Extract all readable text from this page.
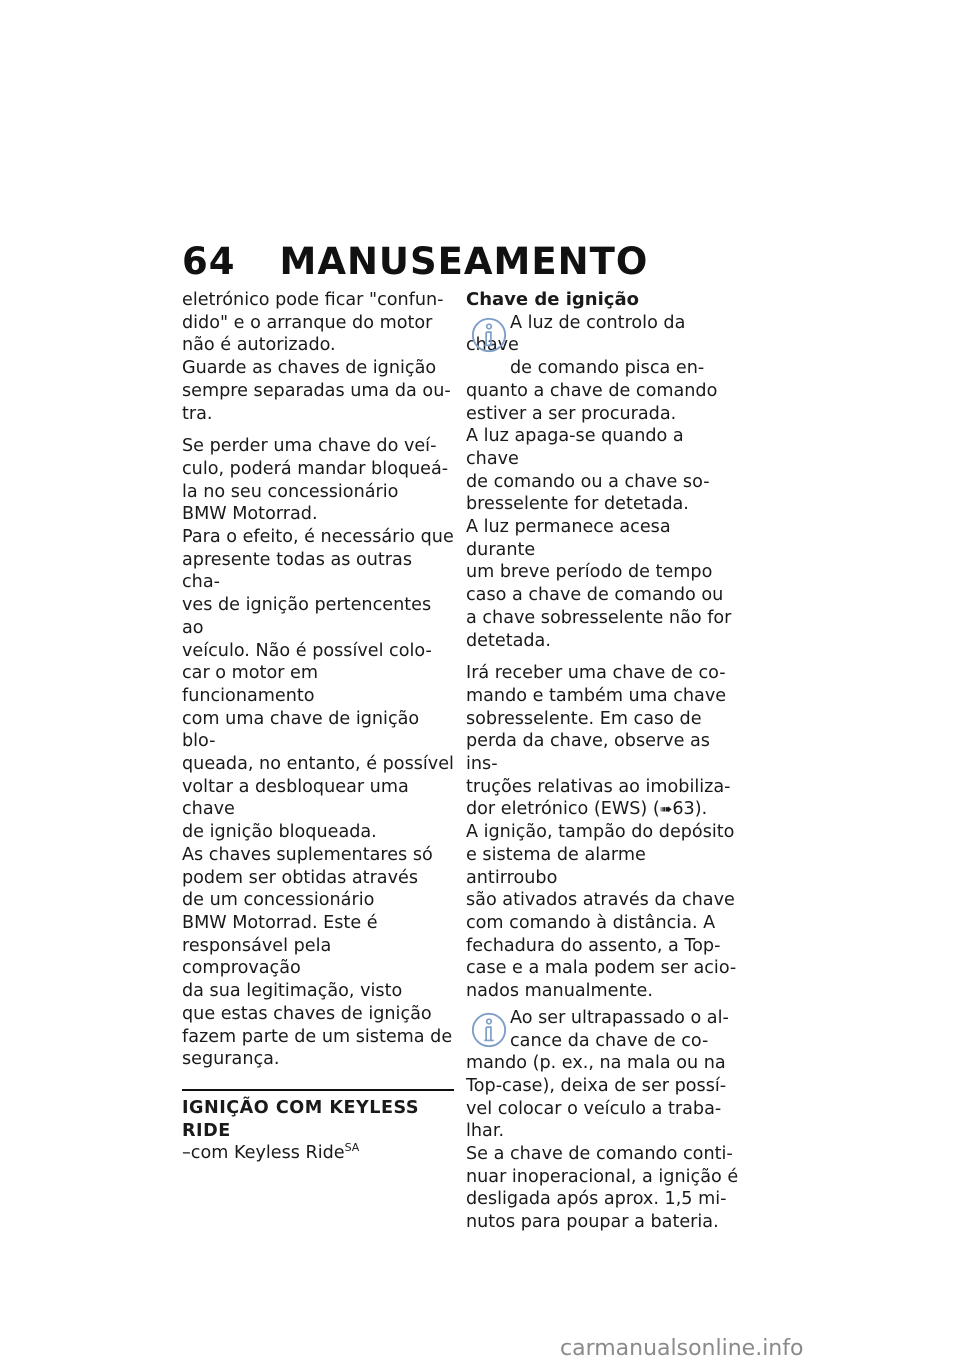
64 MANUSEAMENTO

eletrónico pode ficar "confun-
dido" e o arranque do motor
não é autorizado.

Guarde as chaves de ignição
sempre separadas uma da ou-
tra.

Se perder uma chave do veí-
culo, poderá mandar bloqueá-
la no seu concessionário
BMW Motorrad.

Para o efeito, é necessário que
apresente todas as outras cha-
ves de ignição pertencentes ao
veículo. Não é possível colo-
car o motor em funcionamento
com uma chave de ignição blo-
queada, no entanto, é possível
voltar a desbloquear uma chave
de ignição bloqueada.

As chaves suplementares só
podem ser obtidas através
de um concessionário
BMW Motorrad. Este é
responsável pela comprovação
da sua legitimação, visto
que estas chaves de ignição
fazem parte de um sistema de
segurança.

IGNIÇÃO COM KEYLESS RIDE

–com Keyless Ride$^{SA}$

Chave de ignição

A luz de controlo da chave
de comando pisca en-
quanto a chave de comando
estiver a ser procurada.

A luz apaga-se quando a chave
de comando ou a chave so-
bresselente for detetada.

A luz permanece acesa durante
um breve período de tempo
caso a chave de comando ou
a chave sobresselente não for
detetada.

Irá receber uma chave de co-
mando e também uma chave
sobresselente. Em caso de
perda da chave, observe as ins-
truções relativas ao imobiliza-
dor eletrónico (EWS) (➠63).

A ignição, tampão do depósito
e sistema de alarme antirroubo
são ativados através da chave
com comando à distância. A
fechadura do assento, a Top-
case e a mala podem ser acio-
nados manualmente.

Ao ser ultrapassado o al-
cance da chave de co-
mando (p. ex., na mala ou na
Top-case), deixa de ser possí-
vel colocar o veículo a traba-
lhar.

Se a chave de comando conti-
nuar inoperacional, a ignição é
desligada após aprox. 1,5 mi-
nutos para poupar a bateria.

carmanualsonline.info
